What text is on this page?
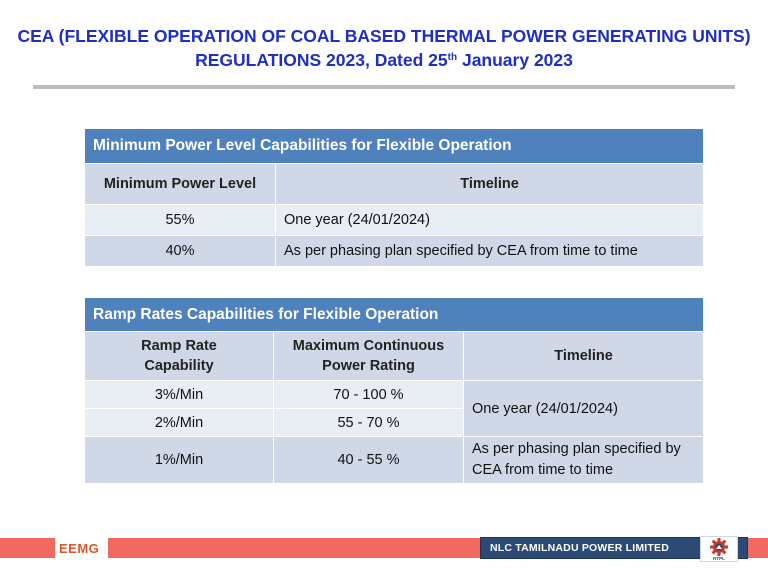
CEA (FLEXIBLE OPERATION OF COAL BASED THERMAL POWER GENERATING UNITS)
REGULATIONS 2023, Dated 25th January 2023
Minimum Power Level Capabilities for Flexible Operation	
Minimum Power Level	Timeline
55%	One year (24/01/2024)
40%	As per phasing plan specified by CEA from time to time
Ramp Rates Capabilities for Flexible Operation		
Ramp Rate Capability	Maximum Continuous Power Rating	Timeline
3%/Min	70 - 100 %	One year (24/01/2024)
2%/Min	55 - 70 %	
1%/Min	40 - 55 %	As per phasing plan specified by CEA from time to time
EEMG	NLC TAMILNADU POWER LIMITED
NTPL
